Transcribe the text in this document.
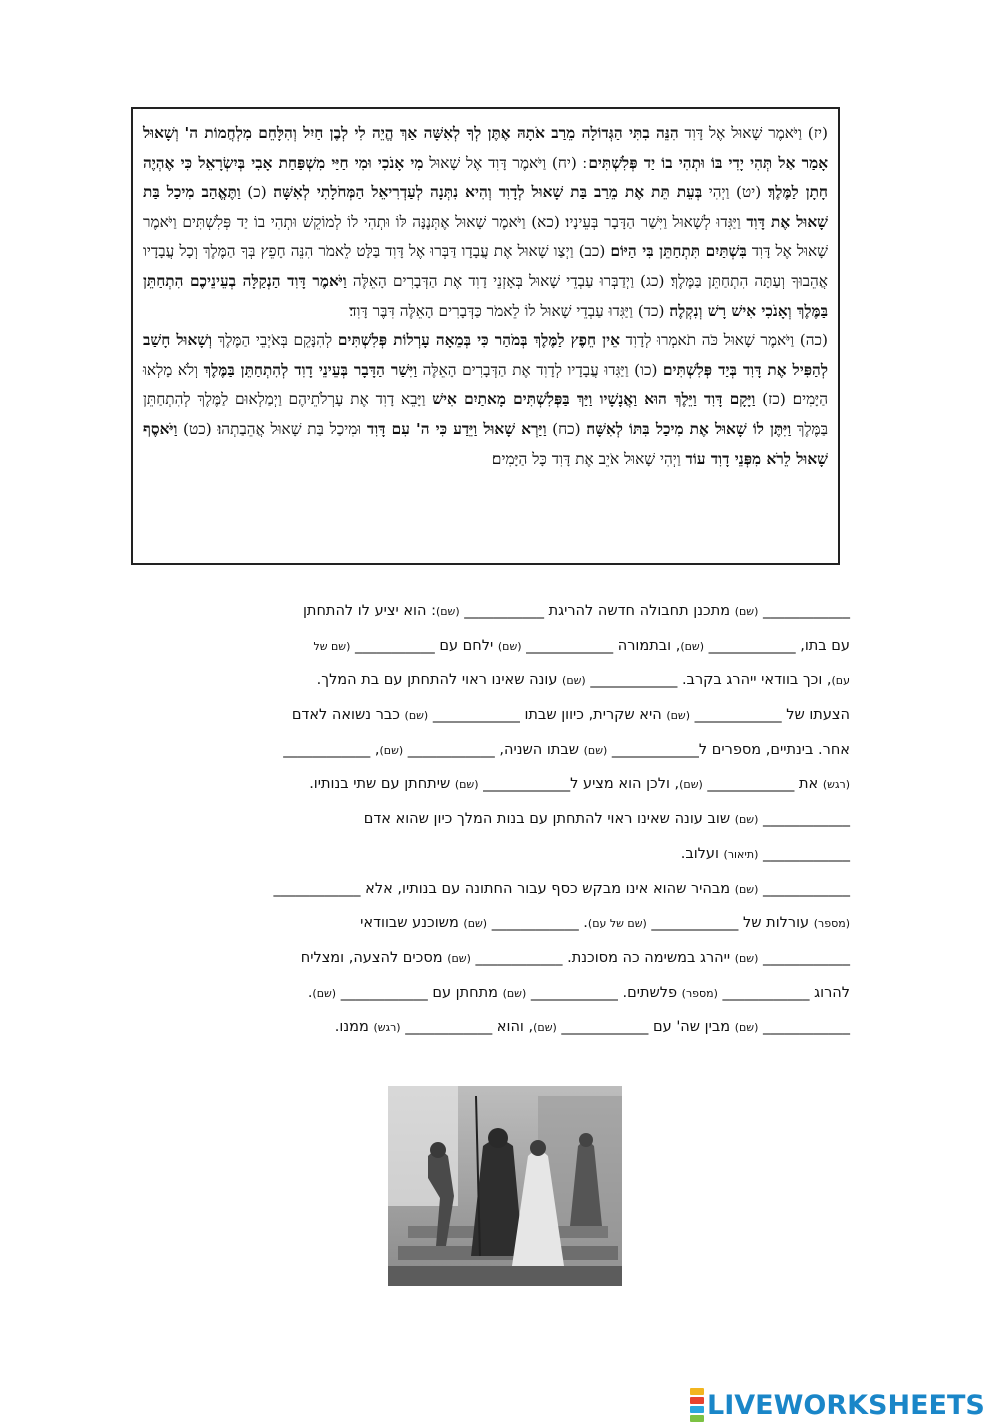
(יז) וַיֹּאמֶר שָׁאוּל אֶל דָּוִד הִנֵּה בִתִּי הַגְּדוֹלָה מֵרַב אֹתָהּ אֶתֶּן לְךָ לְאִשָּׁה אַךְ הֱיֵה לִי לְבֶן חַיִל וְהִלָּחֵם מִלְחֲמוֹת ה' וְשָׁאוּל אָמַר אַל תְּהִי יָדִי בּוֹ וּתְהִי בוֹ יַד פְּלִשְׁתִּים ׃ (יח) וַיֹּאמֶר דָּוִד אֶל שָׁאוּל מִי אָנֹכִי וּמִי חַיַּי מִשְׁפַּחַת אָבִי בְּיִשְׂרָאֵל כִּי אֶהְיֶה חָתָן לַמֶּלֶךְ׃ (יט) וַיְהִי בְּעֵת תֵּת אֶת מֵרַב בַּת שָׁאוּל לְדָוִד וְהִיא נִתְּנָה לְעַדְרִיאֵל הַמְּחֹלָתִי לְאִשָּׁה׃ (כ) וַתֶּאֱהַב מִיכַל בַּת שָׁאוּל אֶת דָּוִד וַיַּגִּדוּ לְשָׁאוּל וַיִּשַׁר הַדָּבָר בְּעֵינָיו׃ (כא) וַיֹּאמֶר שָׁאוּל אֶתְּנֶנָּה לּוֹ וּתְהִי לוֹ לְמוֹקֵשׁ וּתְהִי בוֹ יַד פְּלִשְׁתִּים וַיֹּאמֶר שָׁאוּל אֶל דָּוִד בִּשְׁתַּיִם תִּתְחַתֵּן בִּי הַיּוֹם׃ (כב) וַיְצַו שָׁאוּל אֶת עֲבָדָו דַּבְּרוּ אֶל דָּוִד בַּלָּט לֵאמֹר הִנֵּה חָפֵץ בְּךָ הַמֶּלֶךְ וְכָל עֲבָדָיו אֲהֵבוּךָ וְעַתָּה הִתְחַתֵּן בַּמֶּלֶךְ׃ (כג) וַיְדַבְּרוּ עַבְדֵי שָׁאוּל בְּאָזְנֵי דָוִד אֶת הַדְּבָרִים הָאֵלֶּה וַיֹּאמֶר דָּוִד הַנְקַלָּה בְעֵינֵיכֶם הִתְחַתֵּן בַּמֶּלֶךְ וְאָנֹכִי אִישׁ רָשׁ וְנִקְלֶה׃ (כד) וַיַּגִּדוּ עַבְדֵי שָׁאוּל לוֹ לֵאמֹר כַּדְּבָרִים הָאֵלֶּה דִּבֶּר דָּוִד׃

(כה) וַיֹּאמֶר שָׁאוּל כֹּה תֹאמְרוּ לְדָוִד אֵין חֵפֶץ לַמֶּלֶךְ בְּמֹהַר כִּי בְּמֵאָה עָרְלוֹת פְּלִשְׁתִּים לְהִנָּקֵם בְּאֹיְבֵי הַמֶּלֶךְ וְשָׁאוּל חָשַׁב לְהַפִּיל אֶת דָּוִד בְּיַד פְּלִשְׁתִּים׃ (כו) וַיַּגִּדוּ עֲבָדָיו לְדָוִד אֶת הַדְּבָרִים הָאֵלֶּה וַיִּשַׁר הַדָּבָר בְּעֵינֵי דָוִד לְהִתְחַתֵּן בַּמֶּלֶךְ וְלֹא מָלְאוּ הַיָּמִים׃ (כז) וַיָּקָם דָּוִד וַיֵּלֶךְ הוּא וַאֲנָשָׁיו וַיַּךְ בַּפְּלִשְׁתִּים מָאתַיִם אִישׁ וַיָּבֵא דָוִד אֶת עָרְלֹתֵיהֶם וַיְמַלְאוּם לַמֶּלֶךְ לְהִתְחַתֵּן בַּמֶּלֶךְ וַיִּתֶּן לוֹ שָׁאוּל אֶת מִיכַל בִּתּוֹ לְאִשָּׁה׃ (כח) וַיַּרְא שָׁאוּל וַיֵּדַע כִּי ה' עִם דָּוִד וּמִיכַל בַּת שָׁאוּל אֲהֵבַתְהוּ׃ (כט) וַיֹּאסֶף שָׁאוּל לֵרֹא מִפְּנֵי דָוִד עוֹד וַיְהִי שָׁאוּל אֹיֵב אֶת דָּוִד כָּל הַיָּמִים׃

____________ (שם) מתכנן תחבולה חדשה להריגת ___________ (שם): הוא יציע לו להתחתן
עם בתו, ____________ (שם), ובתמורה ____________ (שם) ילחם עם ___________ (שם של
עם), וכך בוודאי ייהרג בקרב. ____________ (שם) עונה שאינו ראוי להתחתן עם בת המלך.
הצעתו של ____________ (שם) היא שקרית, כיוון שבתו ____________ (שם) כבר נשואה לאדם
אחר. בינתיים, מספרים ל____________ (שם) שבתו השניה, ____________ (שם), ____________
(רגש) את ____________ (שם), ולכן הוא מציע ל____________ (שם) שיתחתן עם שתי בנותיו.
____________ (שם) שוב עונה שאינו ראוי להתחתן עם בנות המלך כיון שהוא אדם
____________ (תיאור) ועלוב.
____________ (שם) מבהיר שהוא אינו מבקש כסף עבור החתונה עם בנותיו, אלא ____________
(מספר) עורלות של ____________ (שם של עם). ____________ (שם) משוכנע שבוודאי
____________ (שם) ייהרג במשימה כה מסוכנת. ____________ (שם) מסכים להצעה, ומצליח
להרוג ____________ (מספר) פלשתים. ____________ (שם) מתחתן עם ____________ (שם).
____________ (שם) מבין שה' עם ____________ (שם), והוא ____________ (רגש) ממנו.
LIVEWORKSHEETS
